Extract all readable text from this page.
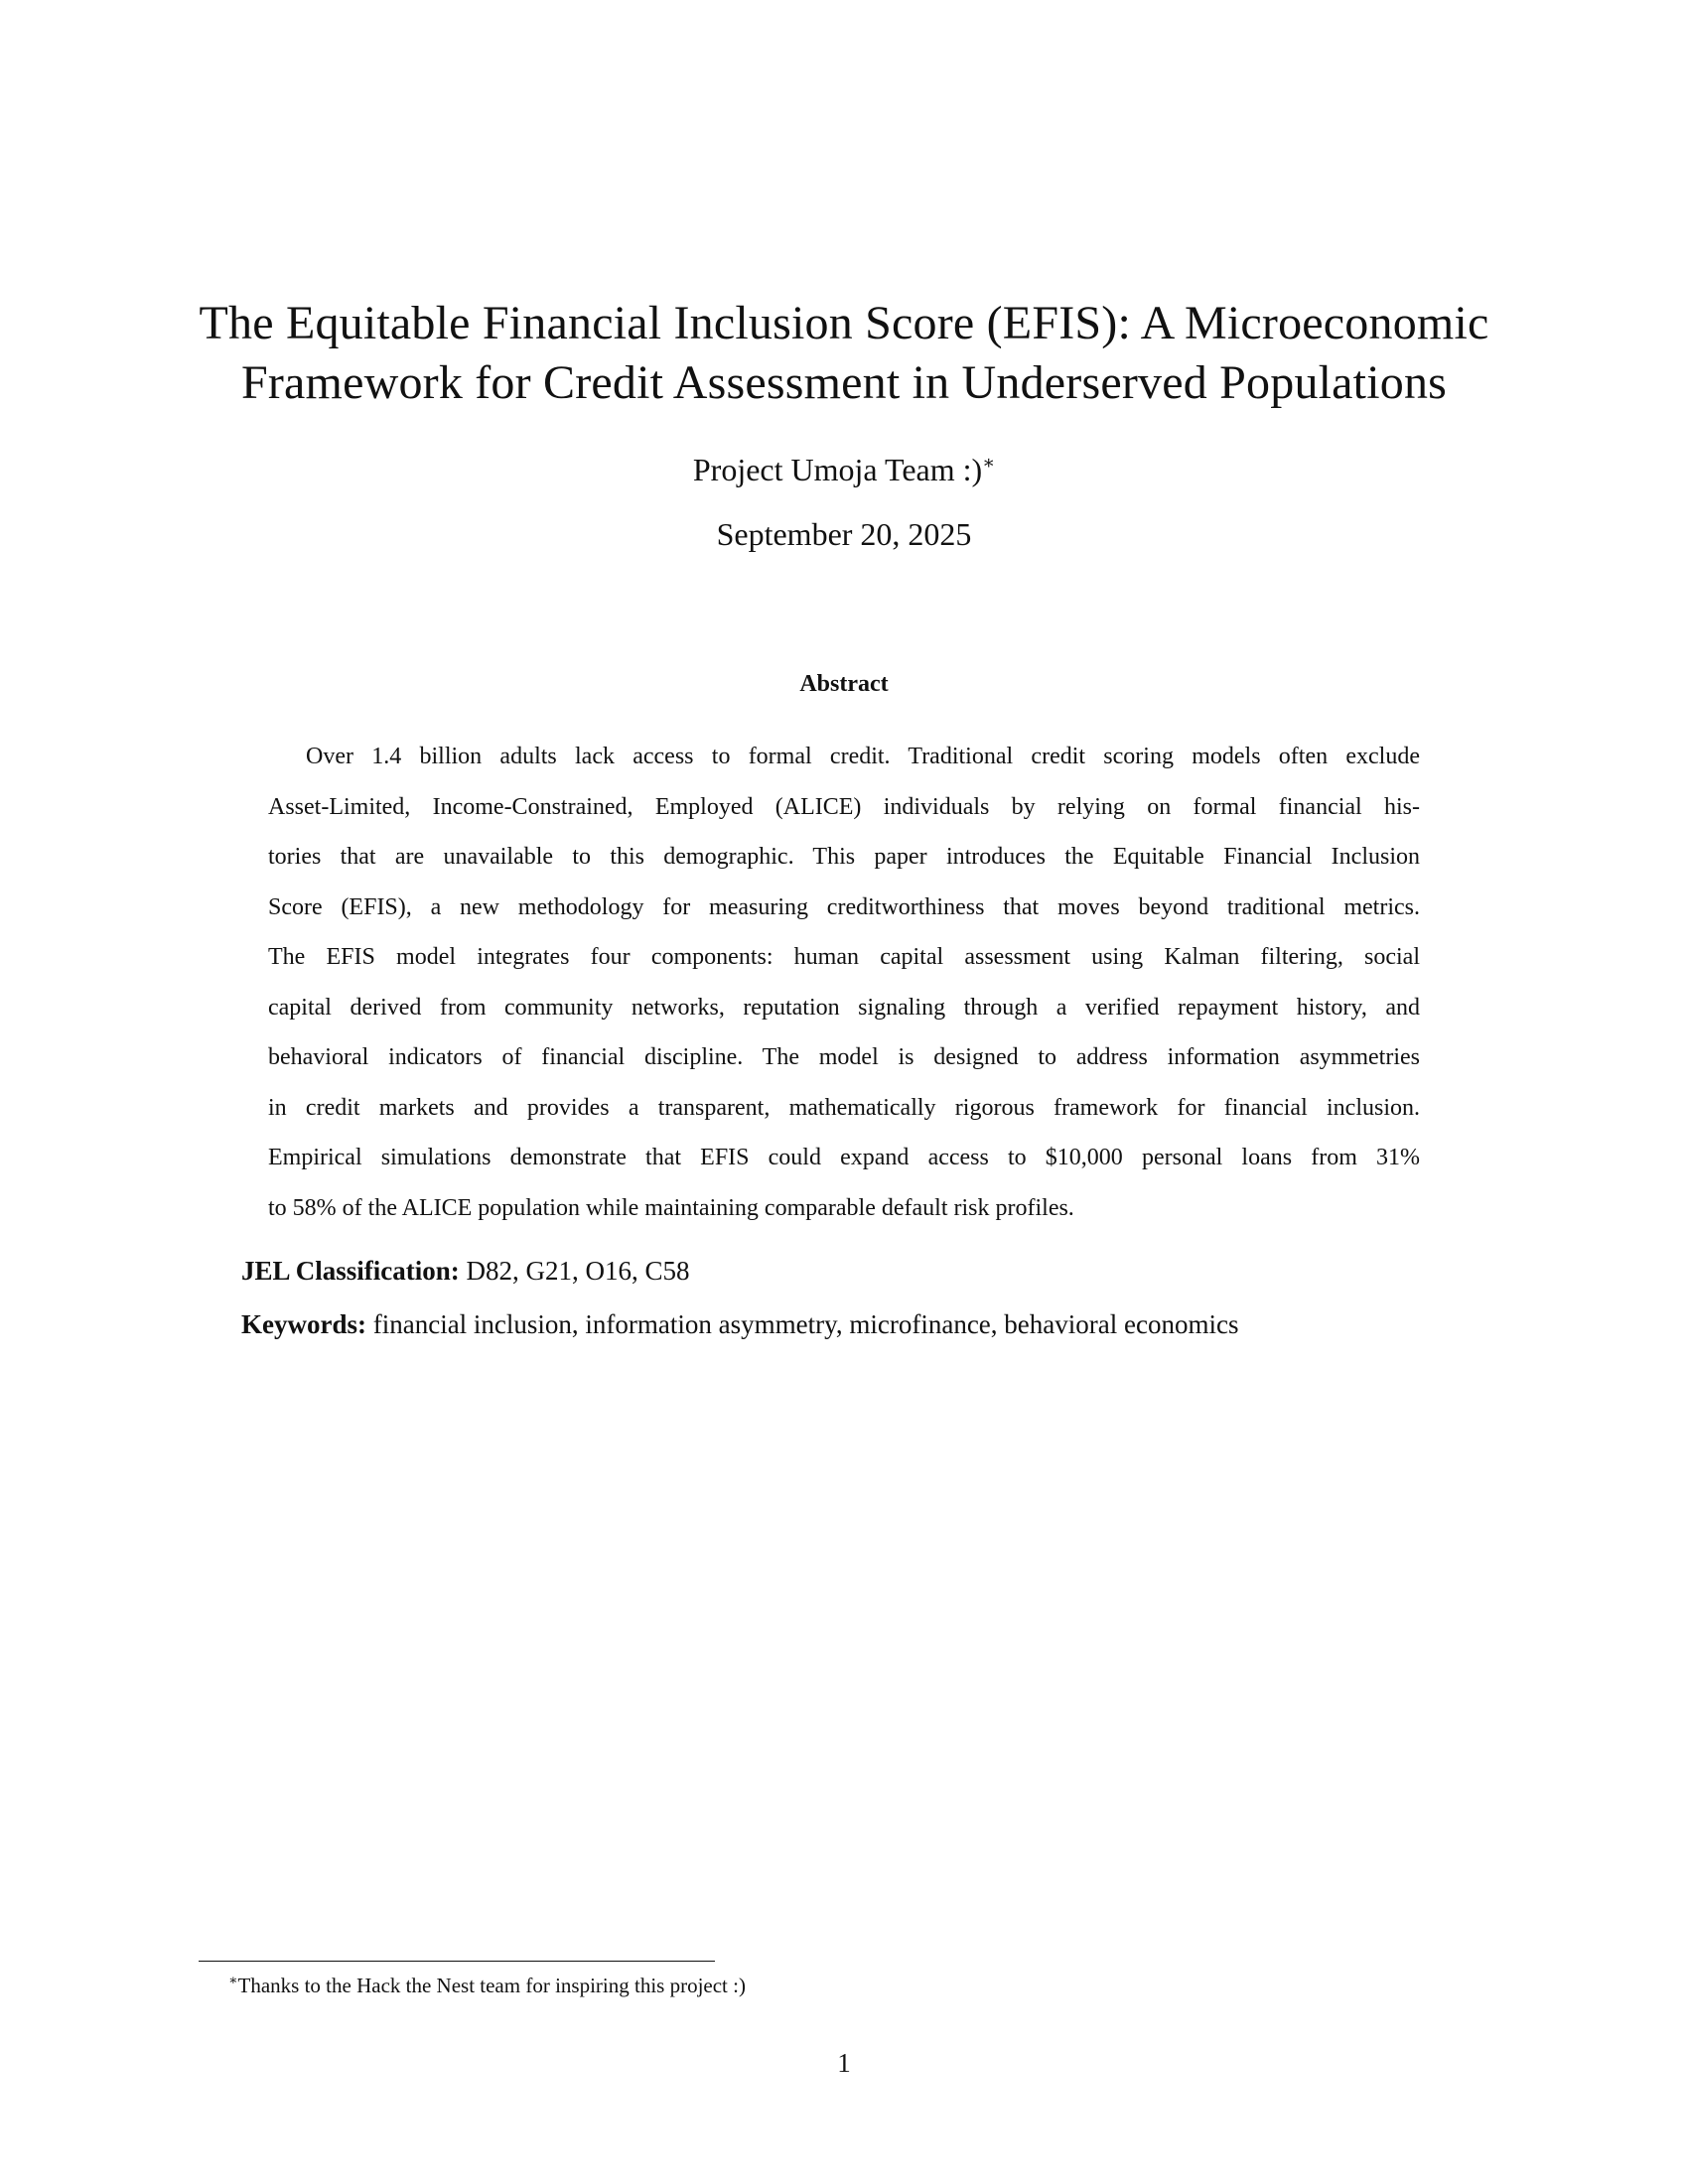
The Equitable Financial Inclusion Score (EFIS): A Microeconomic
Framework for Credit Assessment in Underserved Populations
Project Umoja Team :)∗
September 20, 2025
Abstract
Over 1.4 billion adults lack access to formal credit. Traditional credit scoring models often exclude
Asset-Limited, Income-Constrained, Employed (ALICE) individuals by relying on formal financial his-
tories that are unavailable to this demographic. This paper introduces the Equitable Financial Inclusion
Score (EFIS), a new methodology for measuring creditworthiness that moves beyond traditional metrics.
The EFIS model integrates four components: human capital assessment using Kalman filtering, social
capital derived from community networks, reputation signaling through a verified repayment history, and
behavioral indicators of financial discipline. The model is designed to address information asymmetries
in credit markets and provides a transparent, mathematically rigorous framework for financial inclusion.
Empirical simulations demonstrate that EFIS could expand access to $10,000 personal loans from 31%
to 58% of the ALICE population while maintaining comparable default risk profiles.
JEL Classification: D82, G21, O16, C58
Keywords: financial inclusion, information asymmetry, microfinance, behavioral economics
∗Thanks to the Hack the Nest team for inspiring this project :)
1
